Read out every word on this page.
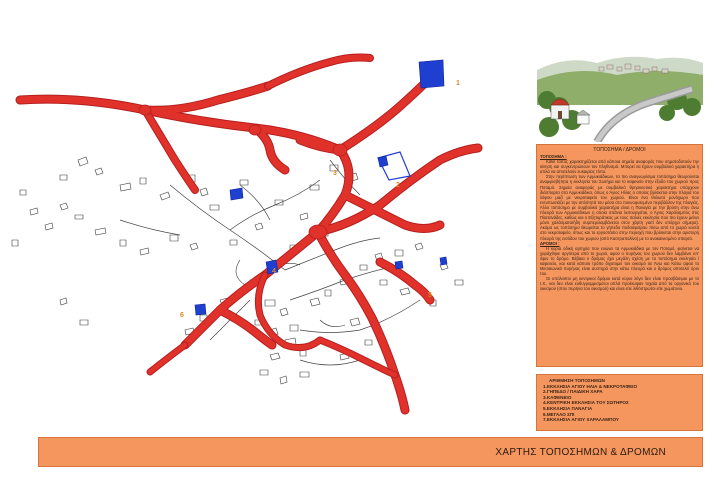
1
2
3
4
5
6
ΤΟΠΟΣΗΜΑ / ΔΡΟΜΟΙ
ΤΟΠΟΣΗΜΑ :

Κάθε τόπος χαρακτηρίζεται από κάποια σημεία αναφοράς που σηματοδοτούν την κίνηση και συγκεντρώνουν τον πληθυσμό. Μπορεί να έχουν συμβολικό χαρακτήρα ή απλά να αποτελούν ευκαιρίας τόπο.

Στην περίπτωση των Αρμυκιάδικων, τα πιο αναγνωρίσιμα τοπόσημα θεωρούνται αναμφισβήτητα η εκκλησία του Σωτήρα και το καφενείο στην έξοδο του χωριού προς Ποταμό. Σημεία αναφοράς με συμβολικό θρησκευτικό χαρακτήρα υπάρχουν διάσπαρτα στα Αρμυκιάδικα, όπως ο Άγιος Ηλίας ο οποίος βρίσκεται στην πλαγιά του λόφου μαζί με νεκροταφείο του χωριού. Είναι ένα θολωτό μονόχωρο που εντυπωσιάζει με την απλότητά του μέσα στο πυκνοφυτεμένο περιβάλλον της πλαγιάς. Άλλο τοπόσημο με συμβολικό χαρακτήρα είναι η Παναγία με την βρύση στην άνω πλευρά των Αρμυκιάδικων η οποία σπάνια λειτουργείται, ο Άγιος Χαράλαμπος στις Πλατανάδες, καθώς και ο Εξηταράτικος με τους παλιές εκκλησία που πιο έχουν μείνει μόνο χαλάσματα/ήδη συμπεριλαμβάνεται στον χάρτη γιατί δεν υπάρχει σήμερα). Ακόμα ως τοπόσημο θεωρείται το γήπεδο ποδοσφαίρου πίσω από το χωριό κοντά στο νεκροταφείο, όπως και το εργοστάσιο στην περιοχή που βρίσκεται στην αριστερή πλευρά της εισόδου του χωριού (από Καστραπολίνο) με το ανακαινισμένο σπαρτό.

ΔΡΟΜΟΙ :

Η κύρια οδική αρτηρία που ενώνει τα Αρμυκιάδικα με τον Ποταμό, φαίνεται να χαράχθηκε αργότερα από το χωριό, αφού ο πυρήνας του χωριού δεν λαμβάνει υπ' όψιν το δρόμο. Βέβαια ο δρόμος έχει μεγάλη σχέση με τα τοπόσημα εκκλησία / καφενείο, και κατά κάποιο τρόπο διχοτομεί τον οικισμό σε Άνω και Κάτω αφού το Μεσαιωνικό πυρήνας είναι αυστηρά στην κάτω πλευρά και ο δρόμος αποτελεί όριο του.

Οι υπόλοιποι μη κεντρικοί δρόμοι κατά κύριο λόγο δεν είναι προσβάσιμοι με το Ι.Χ., και δεν είναι ευθυγραμμισμένοι απλά προέκυψαν τυχαία από τα οργανικό του οικισμού (στον πυρήνα του οικισμού) και είναι είτε λιθόστρωτοι είτε χωμάτινοι.

ΑΡΙΘΜΗΣΗ ΤΟΠΟΣΗΜΩΝ
1.ΕΚΚΛΗΣΙΑ ΑΓΙΟΥ ΗΛΙΑ & ΝΕΚΡΟΤΑΦΕΙΟ
2.ΓΗΠΕΔΟ / ΠΑΙΔΙΚΗ ΧΑΡΑ
3.ΚΑΦΕΝΕΙΟ
4.ΚΕΝΤΡΙΚΗ ΕΚΚΛΗΣΙΑ ΤΟΥ ΣΩΤΗΡΟΣ
5.ΕΚΚΛΗΣΙΑ ΠΑΝΑΓΙΑ
6.ΜΕΓΑΛΟ ΣΠΙ
7.ΕΚΚΛΗΣΙΑ ΑΓΙΟΥ ΧΑΡΑΛΑΜΠΟΥ
ΧΑΡΤΗΣ ΤΟΠΟΣΗΜΩΝ & ΔΡΟΜΩΝ
